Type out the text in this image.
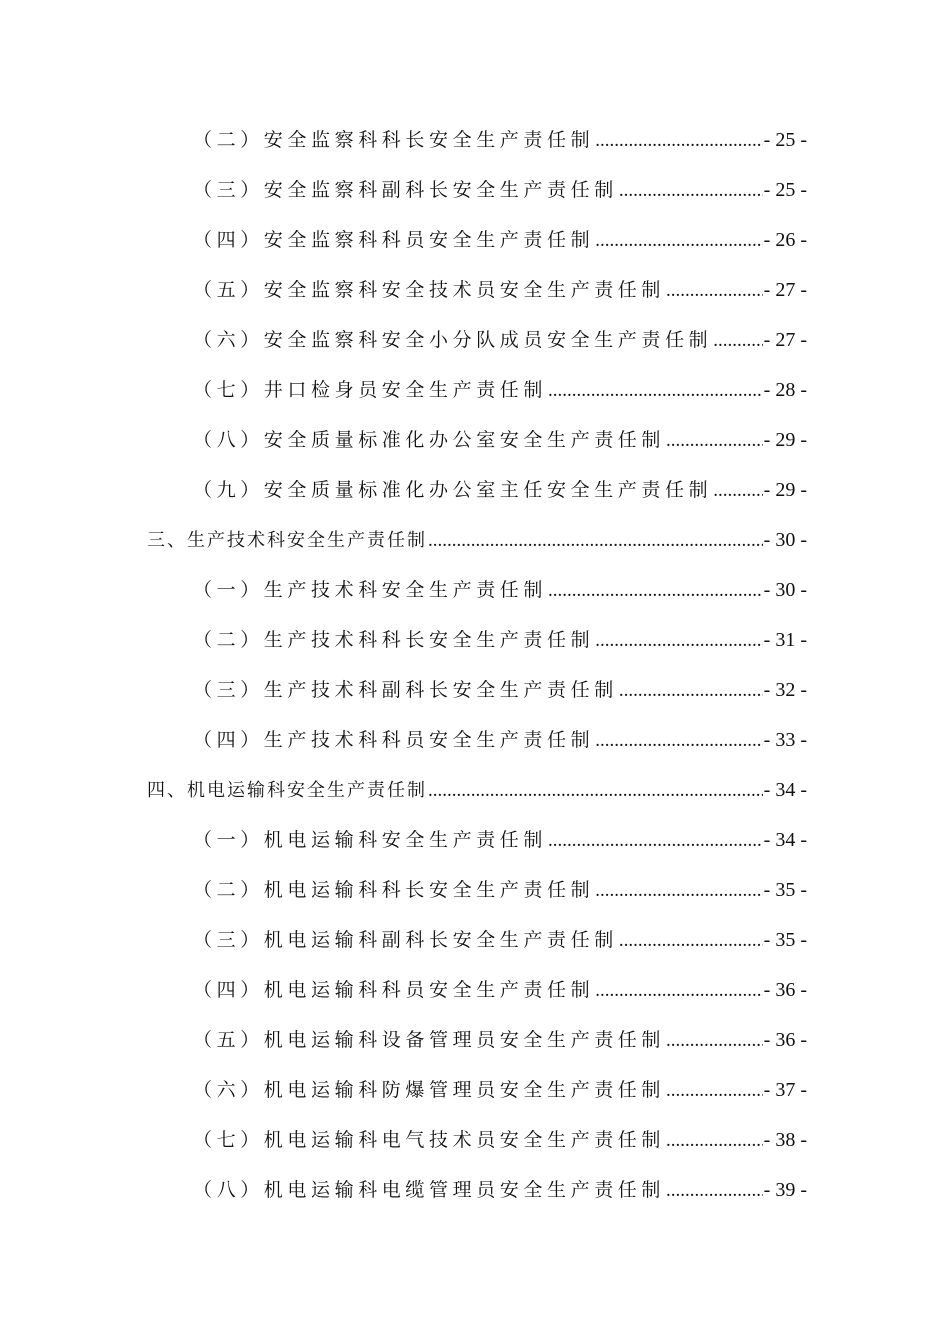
（二）安全监察科科长安全生产责任制 .....	- 25 -
（三）安全监察科副科长安全生产责任制 .....	- 25 -
（四）安全监察科科员安全生产责任制 .....	- 26 -
（五）安全监察科安全技术员安全生产责任制 .....	- 27 -
（六）安全监察科安全小分队成员安全生产责任制 .....	- 27 -
（七）井口检身员安全生产责任制 .....	- 28 -
（八）安全质量标准化办公室安全生产责任制 .....	- 29 -
（九）安全质量标准化办公室主任安全生产责任制 .....	- 29 -
三、生产技术科安全生产责任制 .....	- 30 -
（一）生产技术科安全生产责任制 .....	- 30 -
（二）生产技术科科长安全生产责任制 .....	- 31 -
（三）生产技术科副科长安全生产责任制 .....	- 32 -
（四）生产技术科科员安全生产责任制 .....	- 33 -
四、机电运输科安全生产责任制 .....	- 34 -
（一）机电运输科安全生产责任制 .....	- 34 -
（二）机电运输科科长安全生产责任制 .....	- 35 -
（三）机电运输科副科长安全生产责任制 .....	- 35 -
（四）机电运输科科员安全生产责任制 .....	- 36 -
（五）机电运输科设备管理员安全生产责任制 .....	- 36 -
（六）机电运输科防爆管理员安全生产责任制 .....	- 37 -
（七）机电运输科电气技术员安全生产责任制 .....	- 38 -
（八）机电运输科电缆管理员安全生产责任制 .....	- 39 -
